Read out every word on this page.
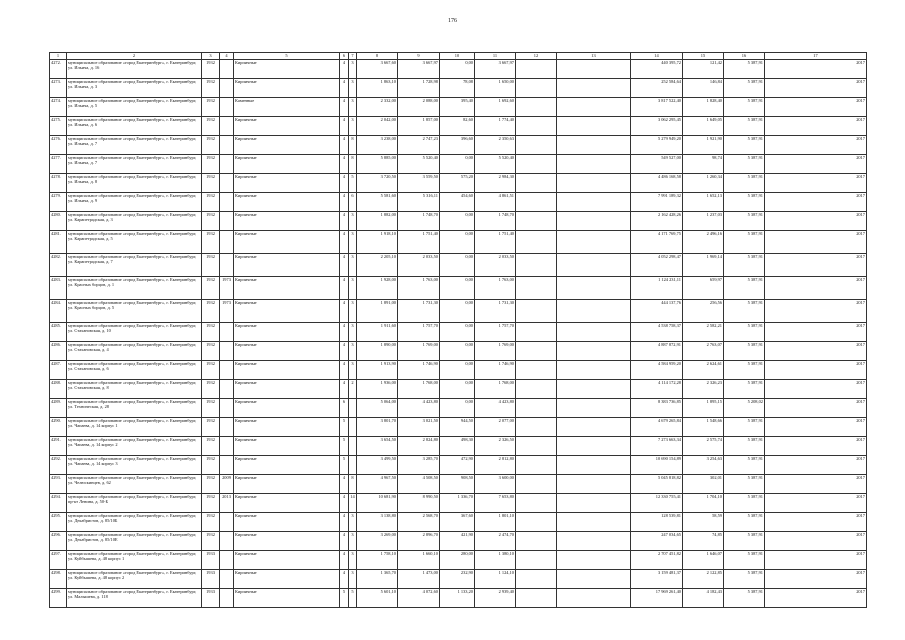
176
1	2	3	4	5	6	7	8	9	10	11	12	13	14	15	16	17
4272.	муниципальное образование «город Екатеринбург», г. Екатеринбург, ул. Ильича, д. 16	1932		Кирпичные	4	3	3 667,60	3 667,97	0,00	3 667,97			440 395,72	121,42	5 387,91	2017
4273.	муниципальное образование «город Екатеринбург», г. Екатеринбург, ул. Ильича, д. 3	1932		Кирпичные	4	3	1 863,10	1 728,98	78,08	1 650,00			252 584,64	146,84	5 387,91	2017
4274.	муниципальное образование «город Екатеринбург», г. Екатеринбург, ул. Ильича, д. 5	1932		Каменные	4	3	2 332,00	2 088,00	395,40	1 692,60			3 817 522,40	1 828,40	5 387,91	2017
4275.	муниципальное образование «город Екатеринбург», г. Екатеринбург, ул. Ильича, д. 6	1932		Кирпичные	4	3	2 042,00	1 857,00	82,60	1 774,40			3 062 295,45	1 649,05	5 387,91	2017
4276.	муниципальное образование «город Екатеринбург», г. Екатеринбург, ул. Ильича, д. 7	1932		Кирпичные	4	8	3 238,00	2 747,23	396,60	2 350,63			5 279 949,20	1 921,90	5 387,91	2017
4277.	муниципальное образование «город Екатеринбург», г. Екатеринбург, ул. Ильича, д. 7	1932		Кирпичные	4	8	5 885,00	5 520,40	0,00	5 520,40			549 527,00	98,74	5 387,91	2017
4278.	муниципальное образование «город Екатеринбург», г. Екатеринбург, ул. Ильича, д. 8	1932		Кирпичные	4	5	3 720,50	3 559,50	575,20	2 984,30			4 486 168,58	1 260,34	5 387,91	2017
4279.	муниципальное образование «город Екатеринбург», г. Екатеринбург, ул. Ильича, д. 9	1932		Кирпичные	4	6	5 581,60	5 316,11	454,60	4 861,51			7 991 189,32	1 652,13	5 387,91	2017
4280.	муниципальное образование «город Екатеринбург», г. Екатеринбург, ул. Карапетрадская, д. 3	1932		Кирпичные	4	3	1 882,00	1 748,70	0,00	1 748,70			2 162 428,26	1 237,03	5 387,91	2017
4281.	муниципальное образование «город Екатеринбург», г. Екатеринбург, ул. Карапетрадская, д. 5	1932		Кирпичные	4	3	1 918,10	1 751,40	0,00	1 751,40			4 171 769,75	2 496,16	5 387,91	2017
4282.	муниципальное образование «город Екатеринбург», г. Екатеринбург, ул. Карапетрадская, д. 7	1932		Кирпичные	4	3	2 205,10	2 033,50	0,00	2 033,50			4 052 298,47	1 969,14	5 387,91	2017
4283.	муниципальное образование «город Екатеринбург», г. Екатеринбург, ул. Красных борцов, д. 1	1932	1973	Кирпичные	4	3	1 928,00	1 763,00	0,00	1 763,00			1 124 231,11	659,97	5 387,91	2017
4284.	муниципальное образование «город Екатеринбург», г. Екатеринбург, ул. Красных борцов, д. 5	1932	1973	Кирпичные	4	3	1 891,00	1 731,30	0,00	1 731,30			444 137,76	256,56	5 387,91	2017
4285.	муниципальное образование «город Екатеринбург», г. Екатеринбург, ул. Стахановская, д. 10	1932		Кирпичные	4	3	1 911,60	1 757,70	0,00	1 757,70			4 538 758,37	2 582,21	5 387,91	2017
4286.	муниципальное образование «город Екатеринбург», г. Екатеринбург, ул. Стахановская, д. 4	1932		Кирпичные	4	3	1 890,00	1 769,00	0,00	1 769,00			4 887 872,91	2 763,07	5 387,91	2017
4287.	муниципальное образование «город Екатеринбург», г. Екатеринбург, ул. Стахановская, д. 6	1932		Кирпичные	4	3	1 913,90	1 746,90	0,00	1 746,90			4 584 959,20	2 624,61	5 387,91	2017
4288.	муниципальное образование «город Екатеринбург», г. Екатеринбург, ул. Стахановская, д. 8	1932		Кирпичные	4	2	1 936,00	1 768,00	0,00	1 768,00			4 114 172,28	2 326,23	5 387,91	2017
4289.	муниципальное образование «город Екатеринбург», г. Екатеринбург, ул. Техническая, д. 28	1932		Кирпичные	6		5 064,00	4 423,80	0,00	4 423,80			8 383 736,85	1 895,15	5 208,02	2017
4290.	муниципальное образование «город Екатеринбург», г. Екатеринбург, ул. Чапаева, д. 14 корпус 1	1932		Кирпичные	5		3 801,70	3 021,50	944,50	2 077,00			4 679 265,84	1 548,66	5 387,91	2017
4291.	муниципальное образование «город Екатеринбург», г. Екатеринбург, ул. Чапаева, д. 14 корпус 2	1932		Кирпичные	5		3 654,50	2 824,80	498,30	2 326,50			7 273 663,34	2 575,74	5 387,91	2017
4292.	муниципальное образование «город Екатеринбург», г. Екатеринбург, ул. Чапаева, д. 14 корпус 3	1932		Кирпичные	5		3 499,50	3 285,70	472,90	2 812,80			10 690 154,89	3 254,63	5 387,91	2017
4293.	муниципальное образование «город Екатеринбург», г. Екатеринбург, ул. Челюскинцев, д. 62	1932	2009	Кирпичные	4	8	4 967,50	4 508,50	908,50	3 600,00			5 045 818,82	302,01	5 387,91	2017
4294.	муниципальное образование «город Екатеринбург», г. Екатеринбург, пр-кт Ленина, д. 50-Б	1932	2013	Кирпичные	4	14	10 681,90	8 990,50	1 336,70	7 653,80			12 330 755,41	1 704,10	5 387,91	2017
4295.	муниципальное образование «город Екатеринбург», г. Екатеринбург, ул. Декабристов, д. 85/10Б	1932		Кирпичные	4	3	3 138,80	2 568,70	367,60	1 801,10			128 539,81	58,59	5 387,91	2017
4296.	муниципальное образование «город Екатеринбург», г. Екатеринбург, ул. Декабристов, д. 85/10Е	1932		Кирпичные	4	3	3 269,00	2 896,70	421,90	2 474,70			247 034,65	74,85	5 387,91	2017
4297.	муниципальное образование «город Екатеринбург», г. Екатеринбург, ул. Куйбышева, д. 48 корпус 1	1933		Кирпичные	4	3	1 758,10	1 660,10	280,00	1 380,10			2 707 451,82	1 646,07	5 387,91	2017
4298.	муниципальное образование «город Екатеринбург», г. Екатеринбург, ул. Куйбышева, д. 48 корпус 2	1933		Кирпичные	4	3	1 365,70	1 473,00	232,90	1 124,10			3 159 481,37	2 122,85	5 387,91	2017
4299.	муниципальное образование «город Екатеринбург», г. Екатеринбург, ул. Малышева, д. 118	1933		Кирпичные	5	5	5 601,10	4 072,60	1 133,20	2 939,40			17 969 261,40	4 182,43	5 387,91	2017
